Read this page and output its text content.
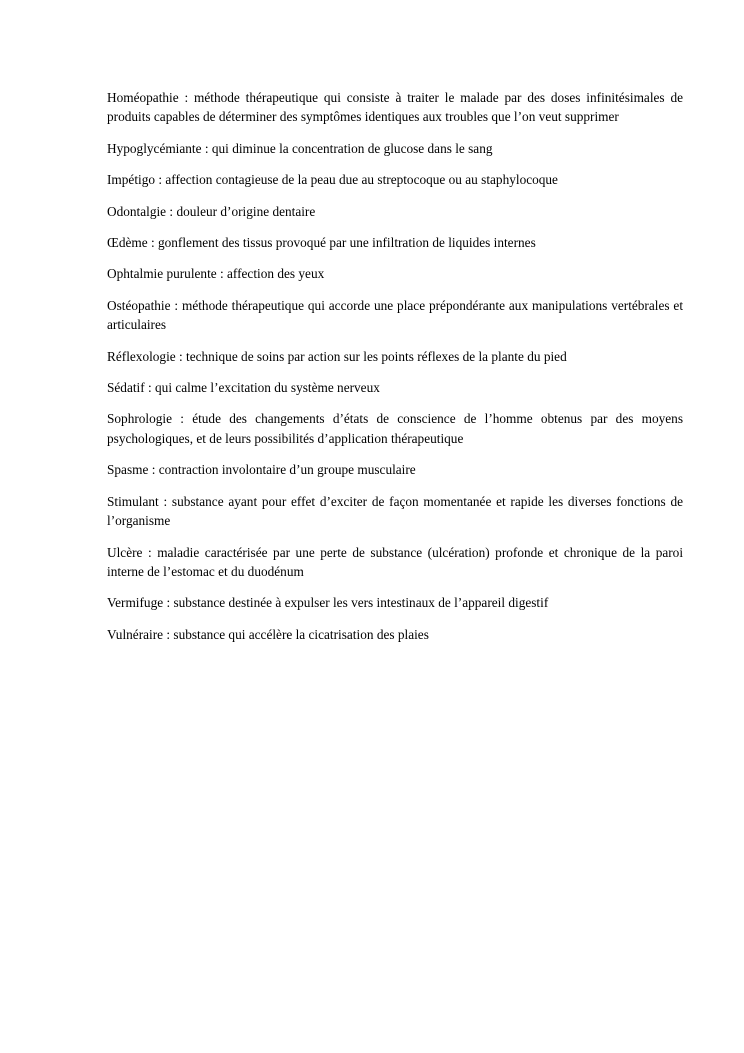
Homéopathie : méthode thérapeutique qui consiste à traiter le malade par des doses infinitésimales de produits capables de déterminer des symptômes identiques aux troubles que l’on veut supprimer

Hypoglycémiante : qui diminue la concentration de glucose dans le sang

Impétigo : affection contagieuse de la peau due au streptocoque ou au staphylocoque

Odontalgie : douleur d’origine dentaire

Œdème : gonflement des tissus provoqué par une infiltration de liquides internes

Ophtalmie purulente : affection des yeux

Ostéopathie : méthode thérapeutique qui accorde une place prépondérante aux manipulations vertébrales et articulaires

Réflexologie : technique de soins par action sur les points réflexes de la plante du pied

Sédatif : qui calme l’excitation du système nerveux

Sophrologie : étude des changements d’états de conscience de l’homme obtenus par des moyens psychologiques, et de leurs possibilités d’application thérapeutique

Spasme : contraction involontaire d’un groupe musculaire

Stimulant : substance ayant pour effet d’exciter de façon momentanée et rapide les diverses fonctions de l’organisme

Ulcère : maladie caractérisée par une perte de substance (ulcération) profonde et chronique de la paroi interne de l’estomac et du duodénum

Vermifuge : substance destinée à expulser les vers intestinaux de l’appareil digestif

Vulnéraire : substance qui accélère la cicatrisation des plaies
